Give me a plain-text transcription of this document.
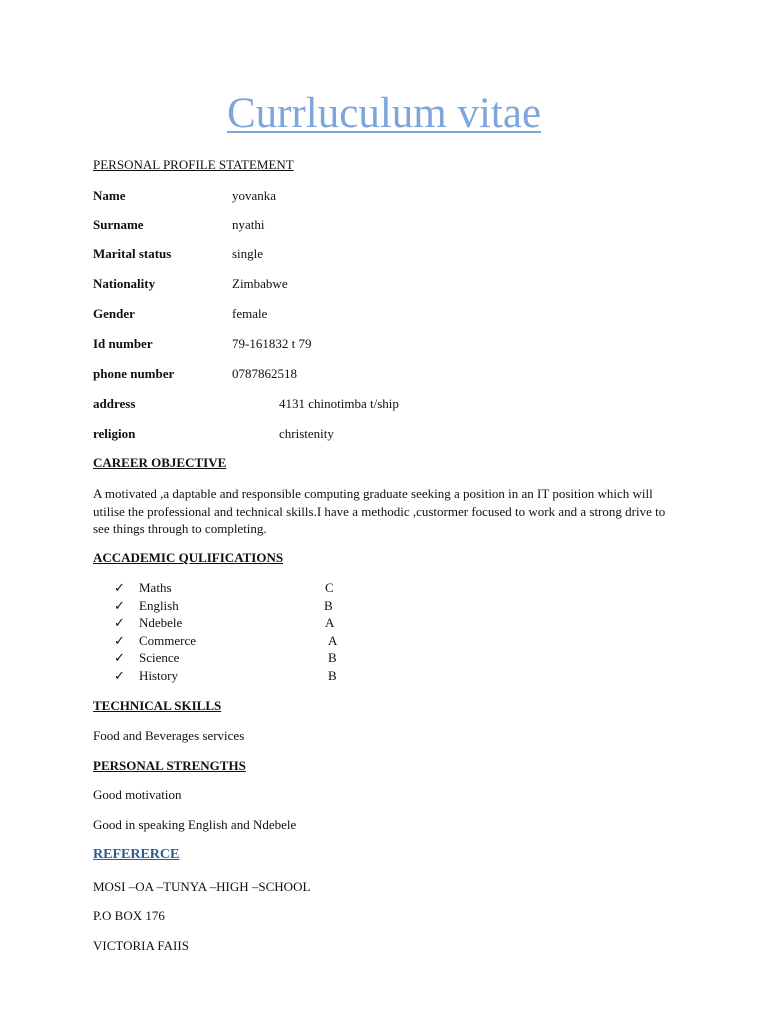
Currluculum vitae
PERSONAL PROFILE STATEMENT
Name	yovanka
Surname	nyathi
Marital status	single
Nationality	Zimbabwe
Gender	female
Id number	79-161832 t 79
phone number	0787862518
address	4131 chinotimba t/ship
religion	christenity
CAREER OBJECTIVE
A motivated ,a daptable and responsible computing graduate seeking a position in an IT position which will utilise the professional and technical skills.I have a methodic ,custormer focused to work and a strong drive to see things through to completing.
ACCADEMIC QULIFICATIONS
✓ Maths	C
✓ English	B
✓ Ndebele	A
✓ Commerce	A
✓ Science	B
✓ History	B
TECHNICAL SKILLS
Food and Beverages services
PERSONAL STRENGTHS
Good motivation
Good in speaking English and Ndebele
REFERERCE
MOSI –OA –TUNYA –HIGH –SCHOOL
P.O BOX 176
VICTORIA FAIIS
